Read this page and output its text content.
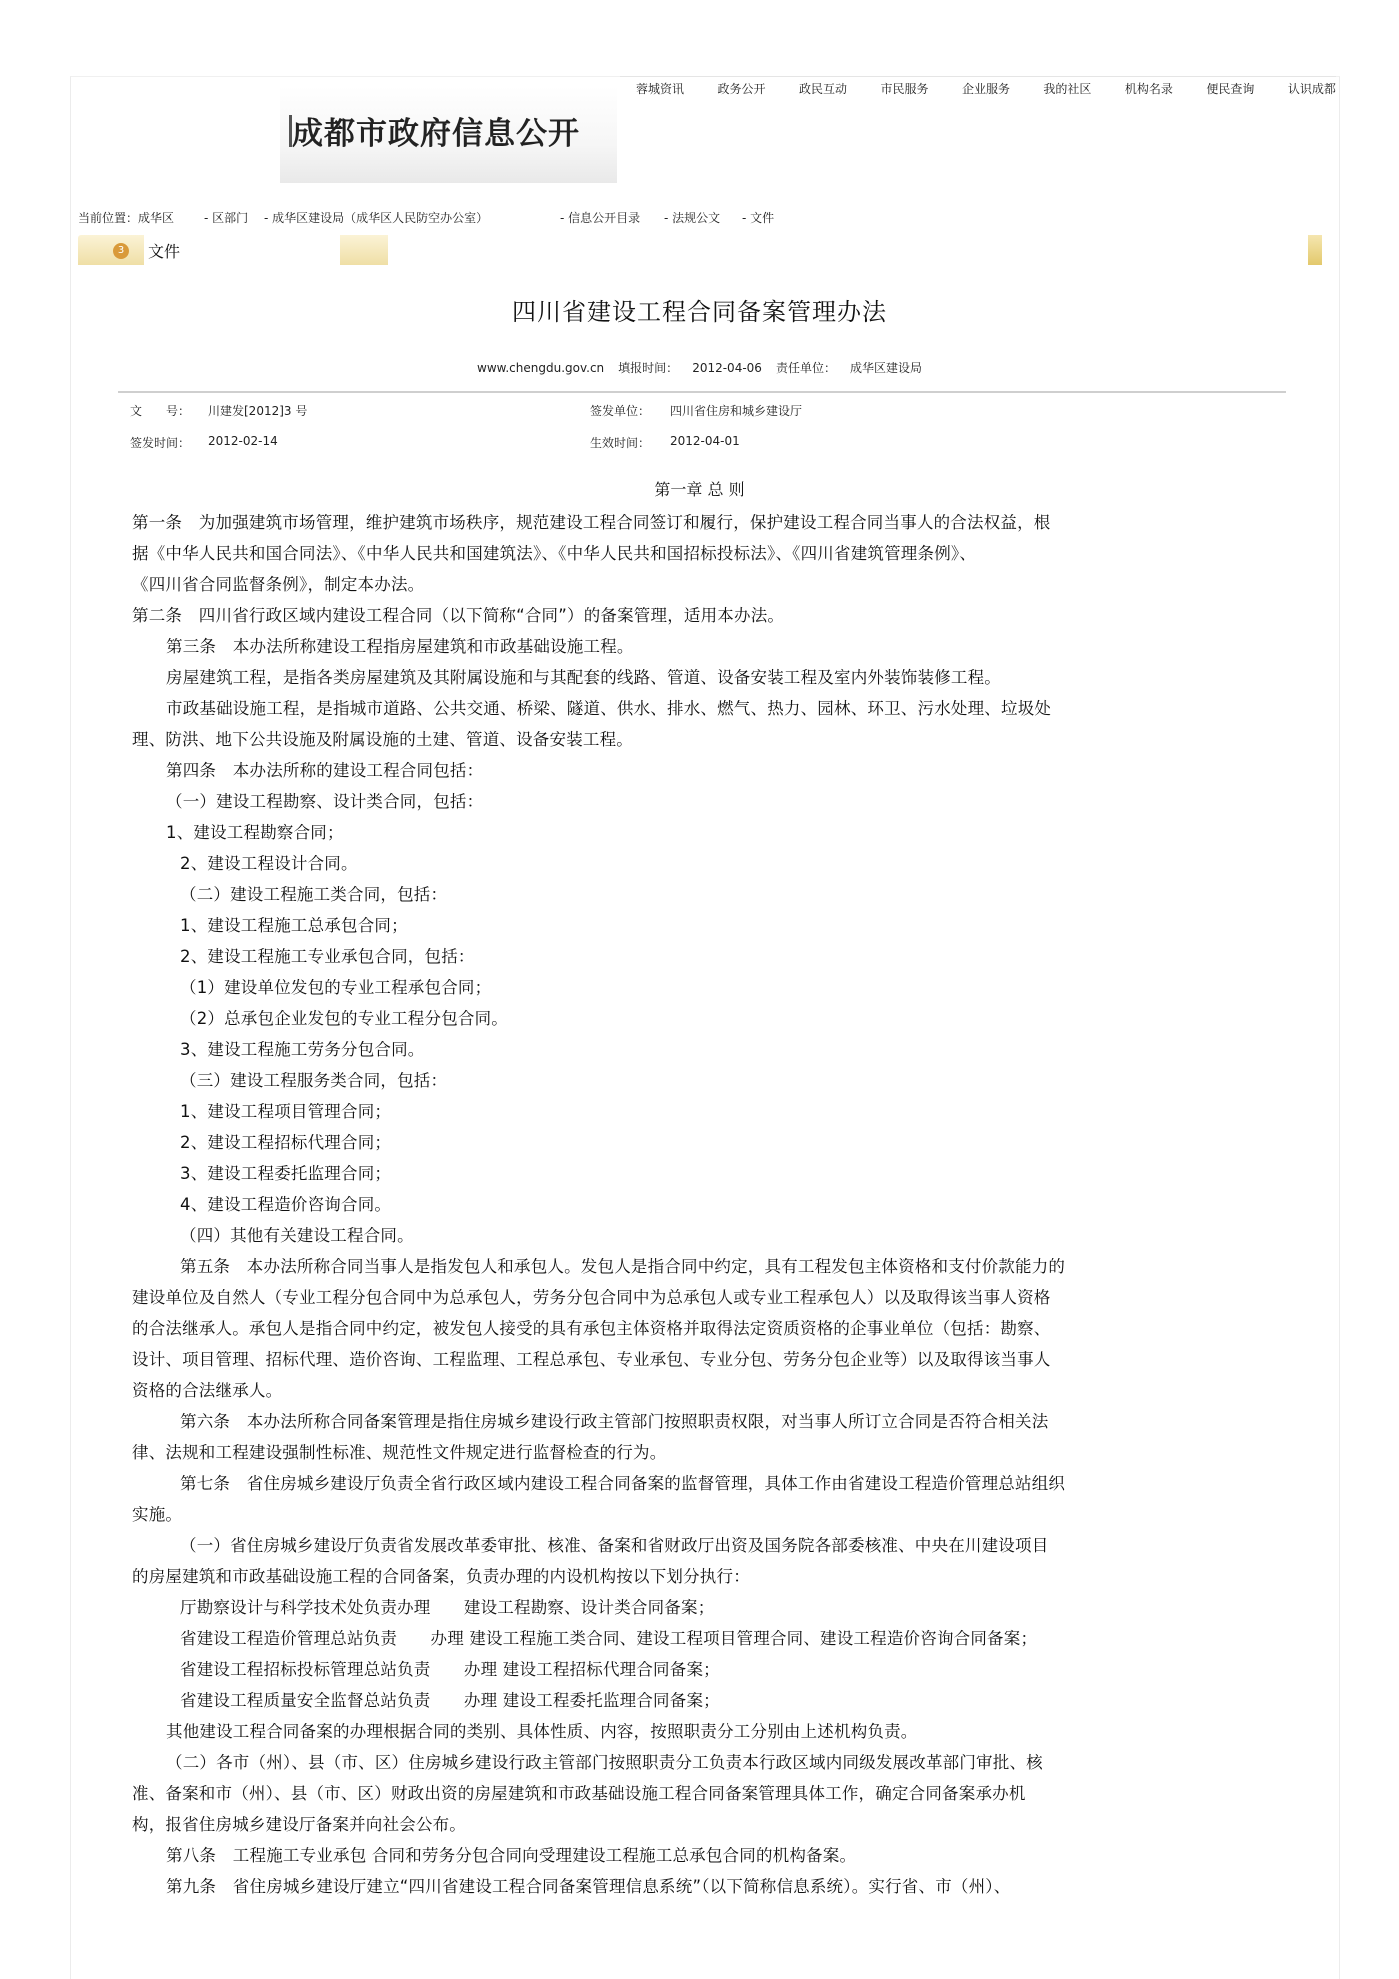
成都市政府信息公开
蓉城资讯	政务公开	政民互动	市民服务	企业服务	我的社区	机构名录	便民查询	认识成都
当前位置：成华区 - 区部门 - 成华区建设局（成华区人民防空办公室）	- 信息公开目录 - 法规公文 - 文件
3	文件
四川省建设工程合同备案管理办法
www.chengdu.gov.cn 填报时间： 2012-04-06 责任单位： 成华区建设局
文　　号： 川建发[2012]3 号	签发单位： 四川省住房和城乡建设厅
签发时间： 2012-02-14	生效时间： 2012-04-01
第一章 总 则
第一条　为加强建筑市场管理，维护建筑市场秩序，规范建设工程合同签订和履行，保护建设工程合同当事人的合法权益，根
据《中华人民共和国合同法》、《中华人民共和国建筑法》、《中华人民共和国招标投标法》、《四川省建筑管理条例》、
《四川省合同监督条例》，制定本办法。
第二条　四川省行政区域内建设工程合同（以下简称“合同”）的备案管理，适用本办法。
第三条　本办法所称建设工程指房屋建筑和市政基础设施工程。
房屋建筑工程，是指各类房屋建筑及其附属设施和与其配套的线路、管道、设备安装工程及室内外装饰装修工程。
市政基础设施工程，是指城市道路、公共交通、桥梁、隧道、供水、排水、燃气、热力、园林、环卫、污水处理、垃圾处
理、防洪、地下公共设施及附属设施的土建、管道、设备安装工程。
第四条　本办法所称的建设工程合同包括：
（一）建设工程勘察、设计类合同，包括：
1、建设工程勘察合同；
2、建设工程设计合同。
（二）建设工程施工类合同，包括：
1、建设工程施工总承包合同；
2、建设工程施工专业承包合同，包括：
（1）建设单位发包的专业工程承包合同；
（2）总承包企业发包的专业工程分包合同。
3、建设工程施工劳务分包合同。
（三）建设工程服务类合同，包括：
1、建设工程项目管理合同；
2、建设工程招标代理合同；
3、建设工程委托监理合同；
4、建设工程造价咨询合同。
（四）其他有关建设工程合同。
第五条　本办法所称合同当事人是指发包人和承包人。发包人是指合同中约定，具有工程发包主体资格和支付价款能力的
建设单位及自然人（专业工程分包合同中为总承包人，劳务分包合同中为总承包人或专业工程承包人）以及取得该当事人资格
的合法继承人。承包人是指合同中约定，被发包人接受的具有承包主体资格并取得法定资质资格的企事业单位（包括：勘察、
设计、项目管理、招标代理、造价咨询、工程监理、工程总承包、专业承包、专业分包、劳务分包企业等）以及取得该当事人
资格的合法继承人。
第六条　本办法所称合同备案管理是指住房城乡建设行政主管部门按照职责权限，对当事人所订立合同是否符合相关法
律、法规和工程建设强制性标准、规范性文件规定进行监督检查的行为。
第七条　省住房城乡建设厅负责全省行政区域内建设工程合同备案的监督管理，具体工作由省建设工程造价管理总站组织
实施。
（一）省住房城乡建设厅负责省发展改革委审批、核准、备案和省财政厅出资及国务院各部委核准、中央在川建设项目
的房屋建筑和市政基础设施工程的合同备案，负责办理的内设机构按以下划分执行：
厅勘察设计与科学技术处负责办理　　建设工程勘察、设计类合同备案；
省建设工程造价管理总站负责　　办理 建设工程施工类合同、建设工程项目管理合同、建设工程造价咨询合同备案；
省建设工程招标投标管理总站负责　　办理 建设工程招标代理合同备案；
省建设工程质量安全监督总站负责　　办理 建设工程委托监理合同备案；
其他建设工程合同备案的办理根据合同的类别、具体性质、内容，按照职责分工分别由上述机构负责。
（二）各市（州）、县（市、区）住房城乡建设行政主管部门按照职责分工负责本行政区域内同级发展改革部门审批、核
准、备案和市（州）、县（市、区）财政出资的房屋建筑和市政基础设施工程合同备案管理具体工作，确定合同备案承办机
构，报省住房城乡建设厅备案并向社会公布。
第八条　工程施工专业承包 合同和劳务分包合同向受理建设工程施工总承包合同的机构备案。
第九条　省住房城乡建设厅建立“四川省建设工程合同备案管理信息系统”（以下简称信息系统）。实行省、市（州）、
